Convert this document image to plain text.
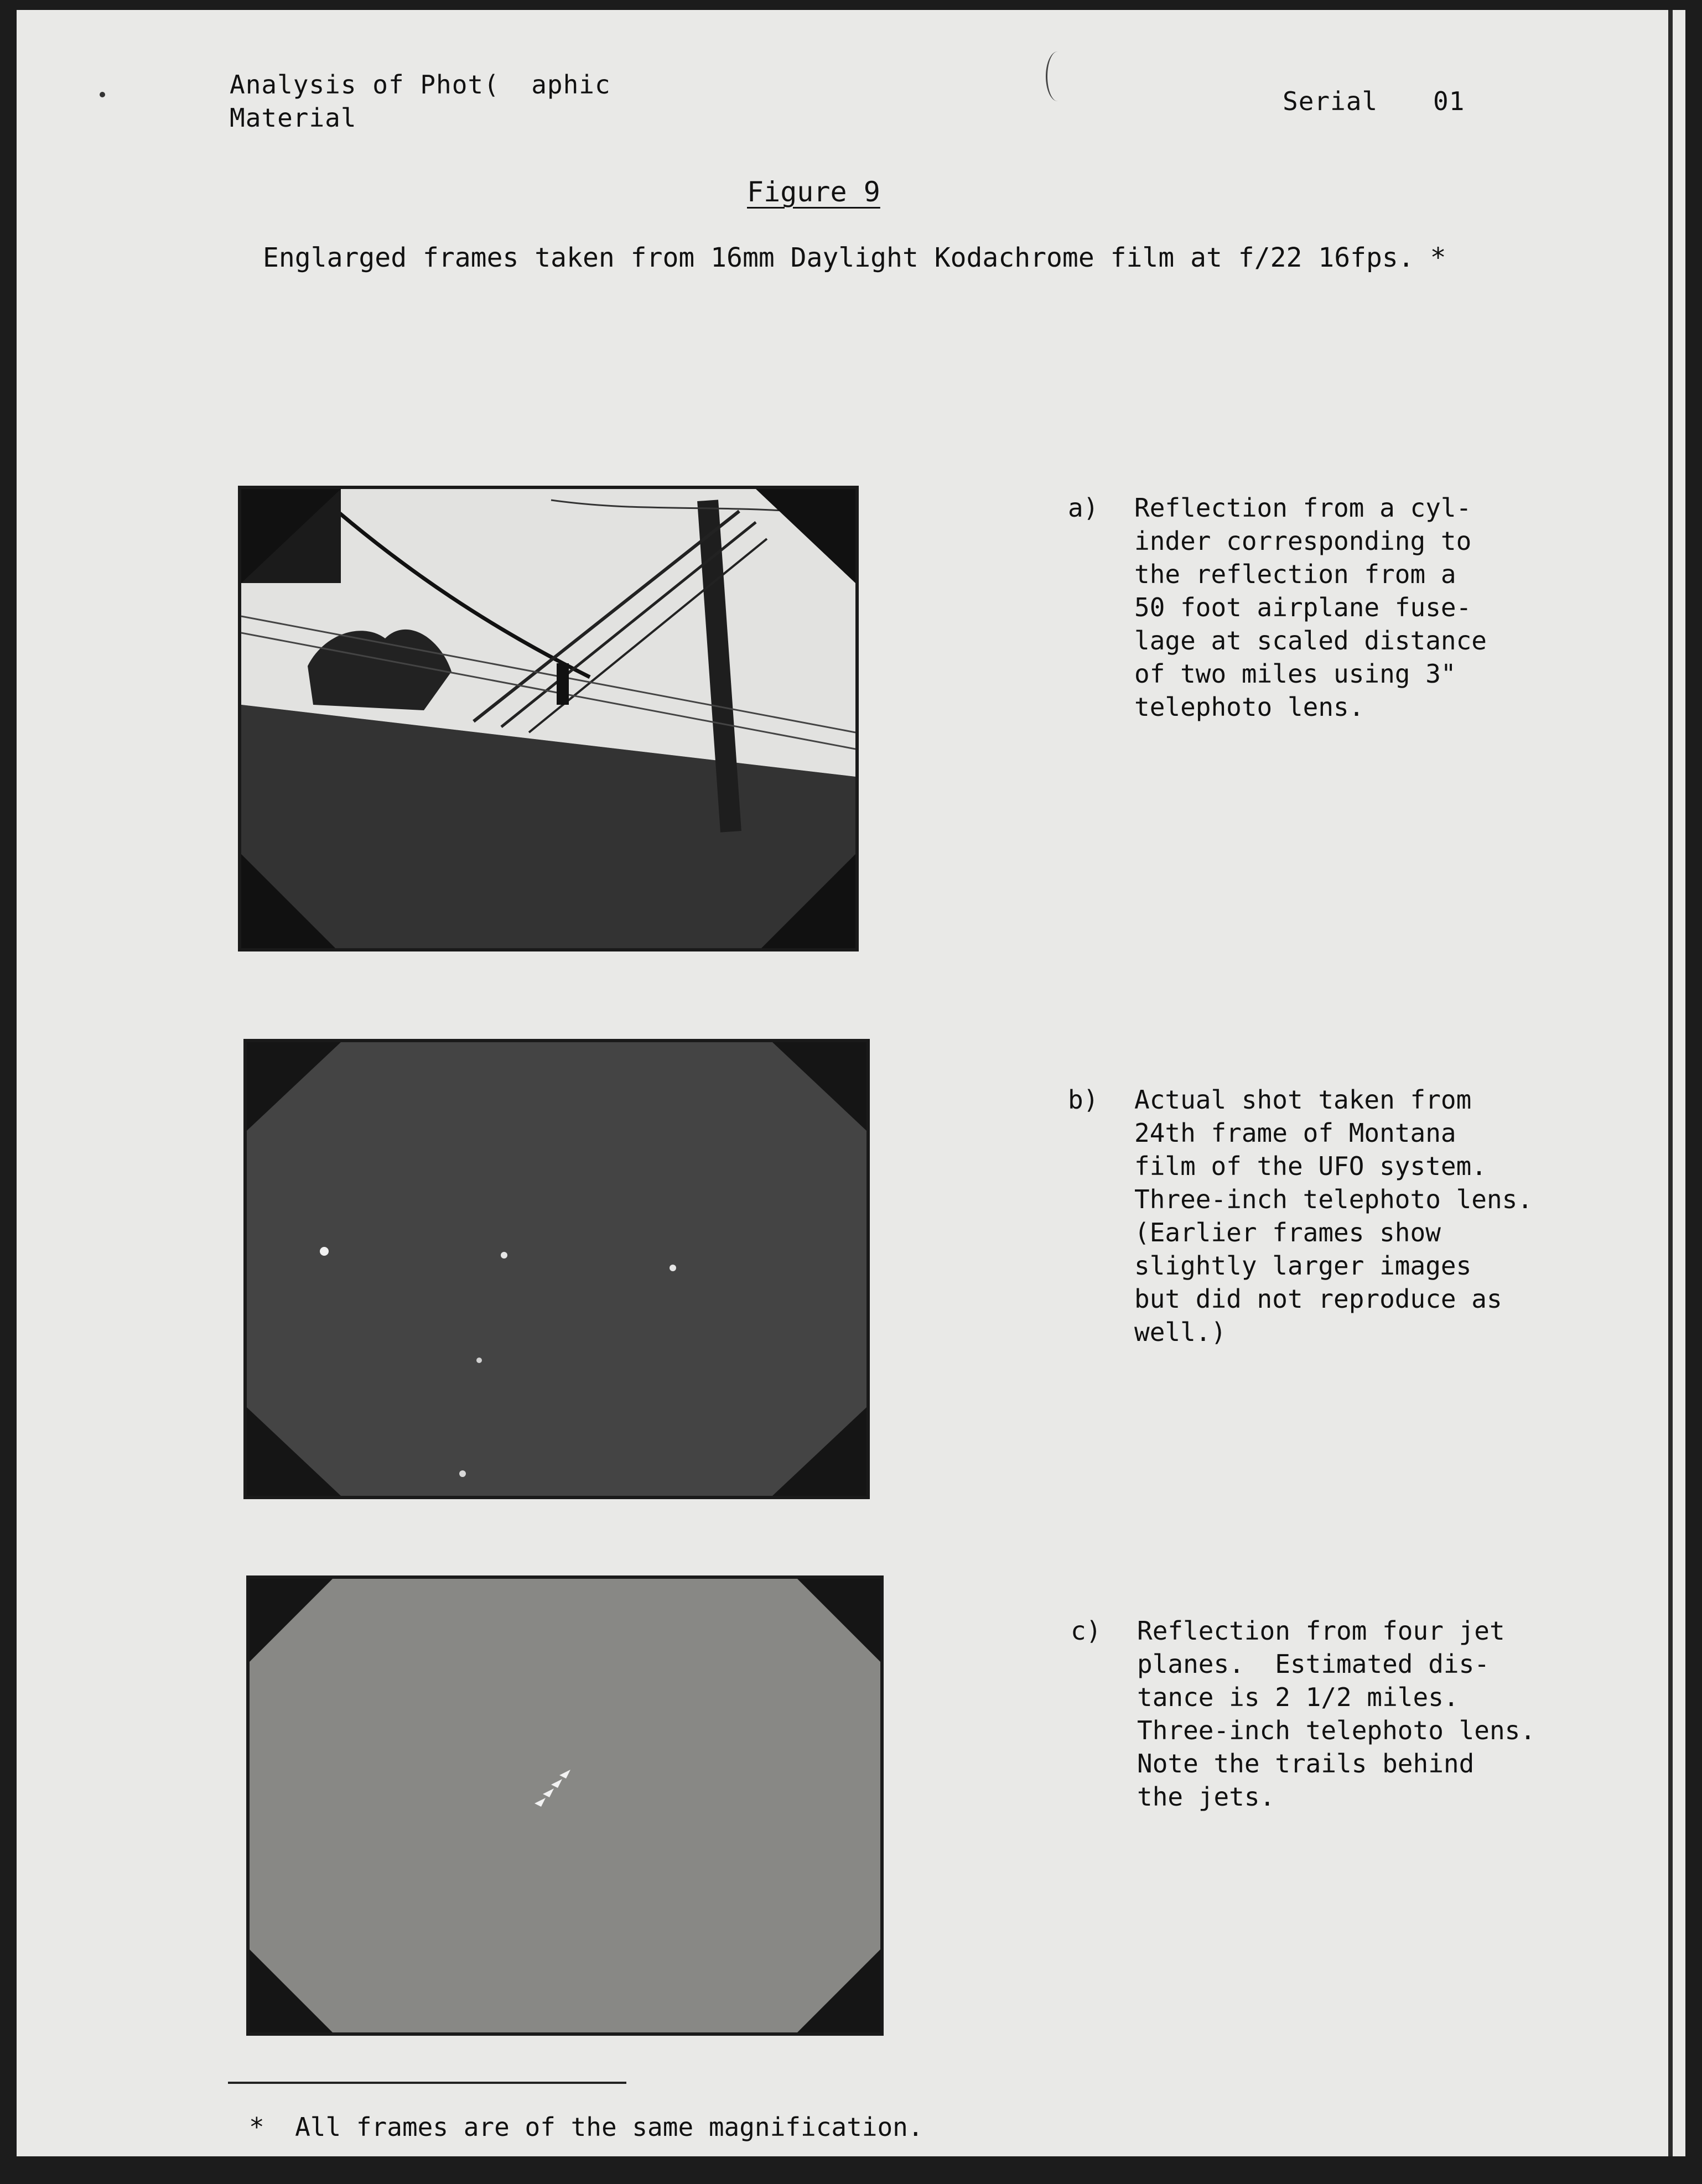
Analysis of Phot(  aphic
Material
Serial 01
Figure 9
Englarged frames taken from 16mm Daylight Kodachrome film at f/22 16fps. *
a) Reflection from a cyl-
inder corresponding to
the reflection from a
50 foot airplane fuse-
lage at scaled distance
of two miles using 3"
telephoto lens.
b) Actual shot taken from
24th frame of Montana
film of the UFO system.
Three-inch telephoto lens.
(Earlier frames show
slightly larger images
but did not reproduce as
well.)
c) Reflection from four jet
planes.  Estimated dis-
tance is 2 1/2 miles.
Three-inch telephoto lens.
Note the trails behind
the jets.
*  All frames are of the same magnification.
